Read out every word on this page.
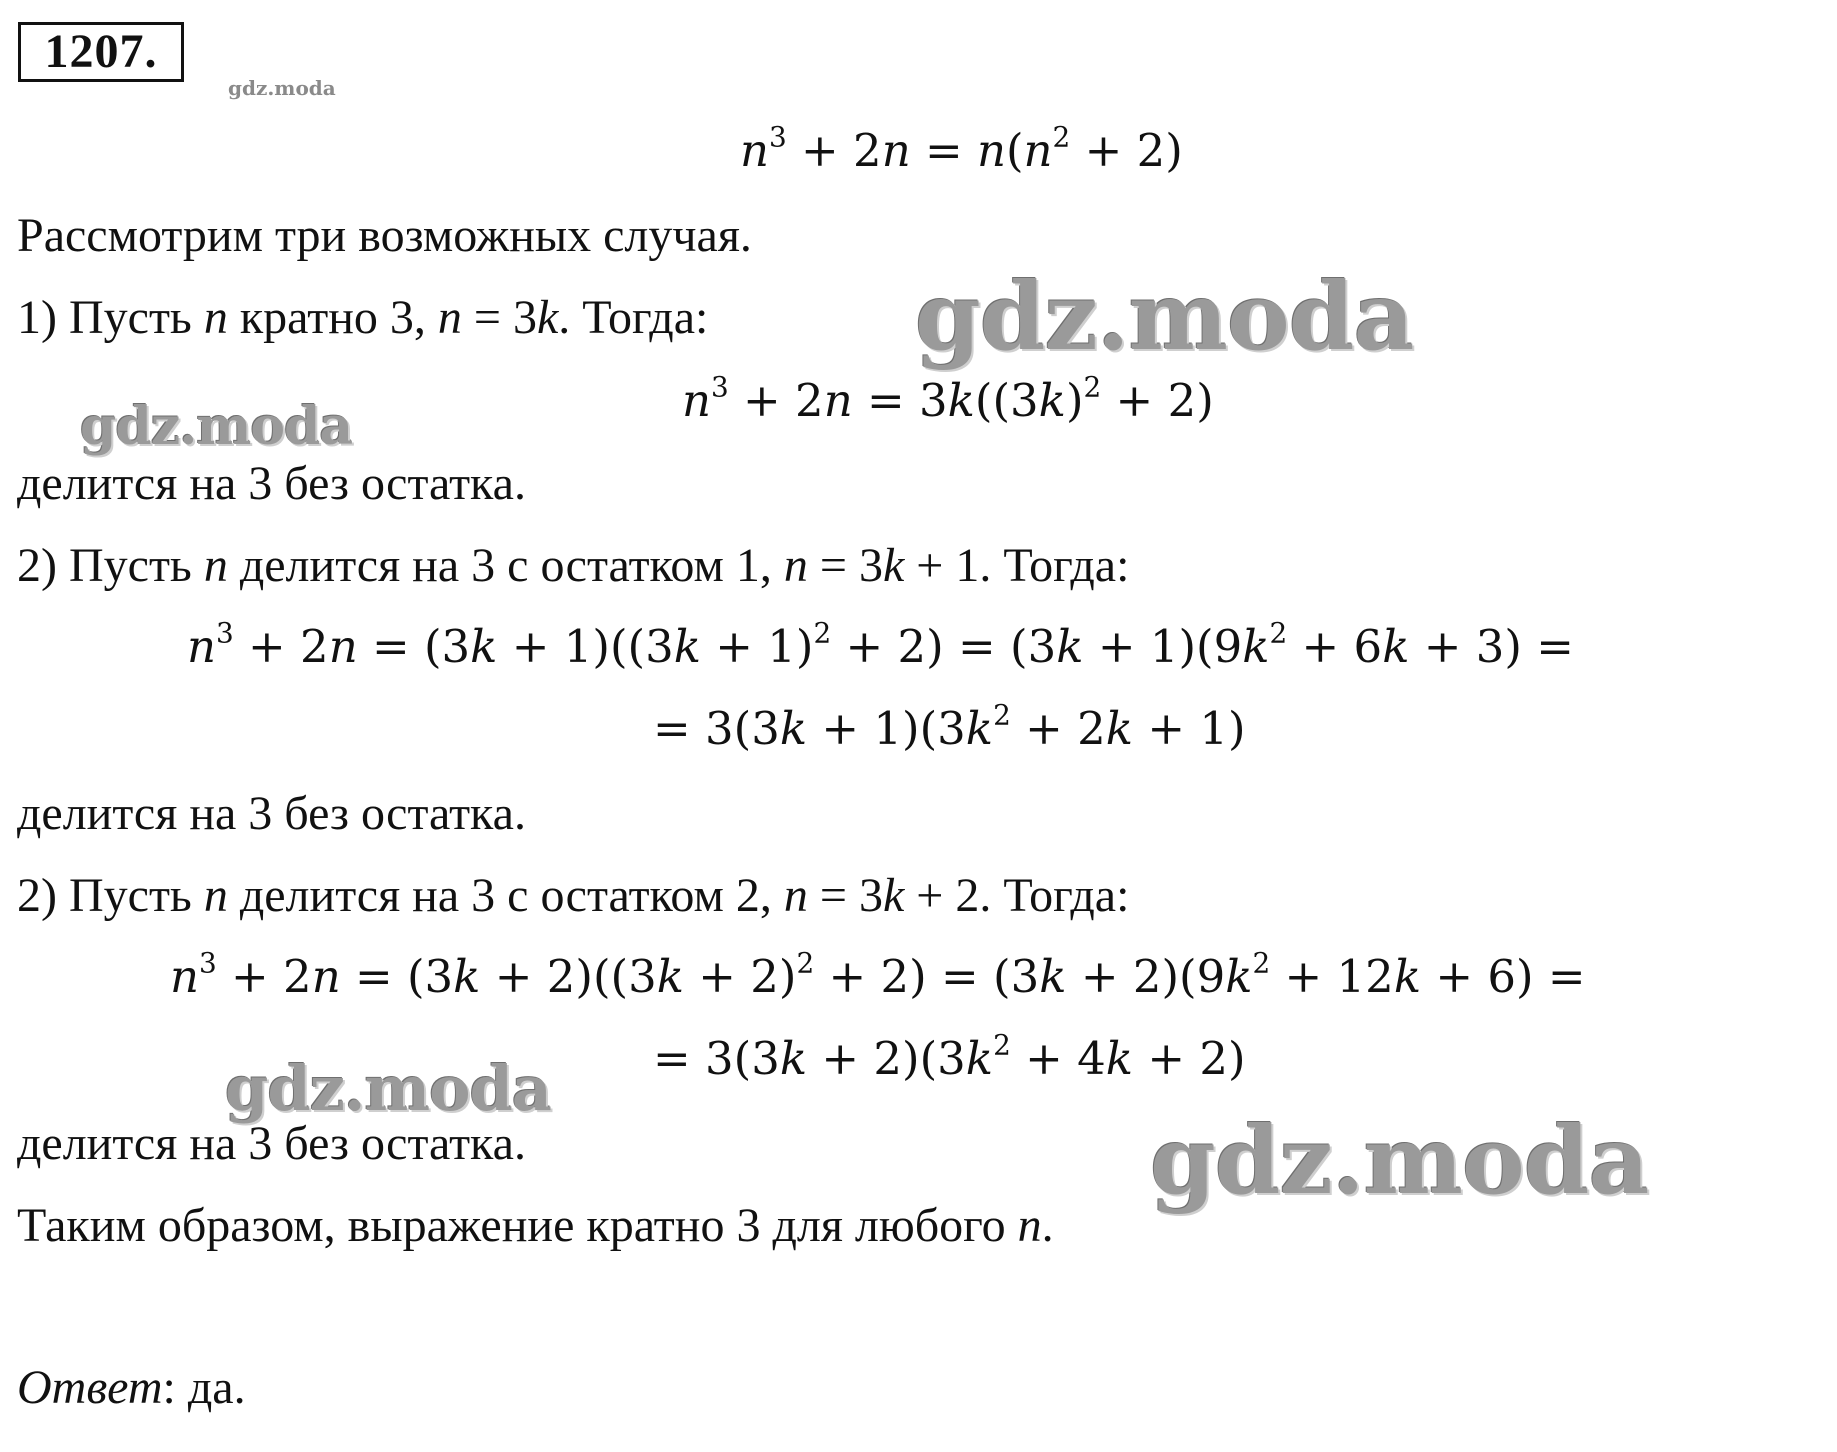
1207.
gdz.moda
$n^3 + 2n = n(n^2 + 2)$
Рассмотрим три возможных случая.
1) Пусть n кратно 3, n = 3k. Тогда: gdz.moda
$n^3 + 2n = 3k((3k)^2 + 2)$
gdz.moda
делится на 3 без остатка.
2) Пусть n делится на 3 с остатком 1, n = 3k + 1. Тогда:
$n^3 + 2n = (3k + 1)((3k + 1)^2 + 2) = (3k + 1)(9k^2 + 6k + 3)$ =
= $3(3k + 1)(3k^2 + 2k + 1)$
делится на 3 без остатка.
2) Пусть n делится на 3 с остатком 2, n = 3k + 2. Тогда:
$n^3 + 2n = (3k + 2)((3k + 2)^2 + 2) = (3k + 2)(9k^2 + 12k + 6)$ =
= $3(3k + 2)(3k^2 + 4k + 2)$
gdz.moda
делится на 3 без остатка.	gdz.moda
Таким образом, выражение кратно 3 для любого n.
Ответ: да.
